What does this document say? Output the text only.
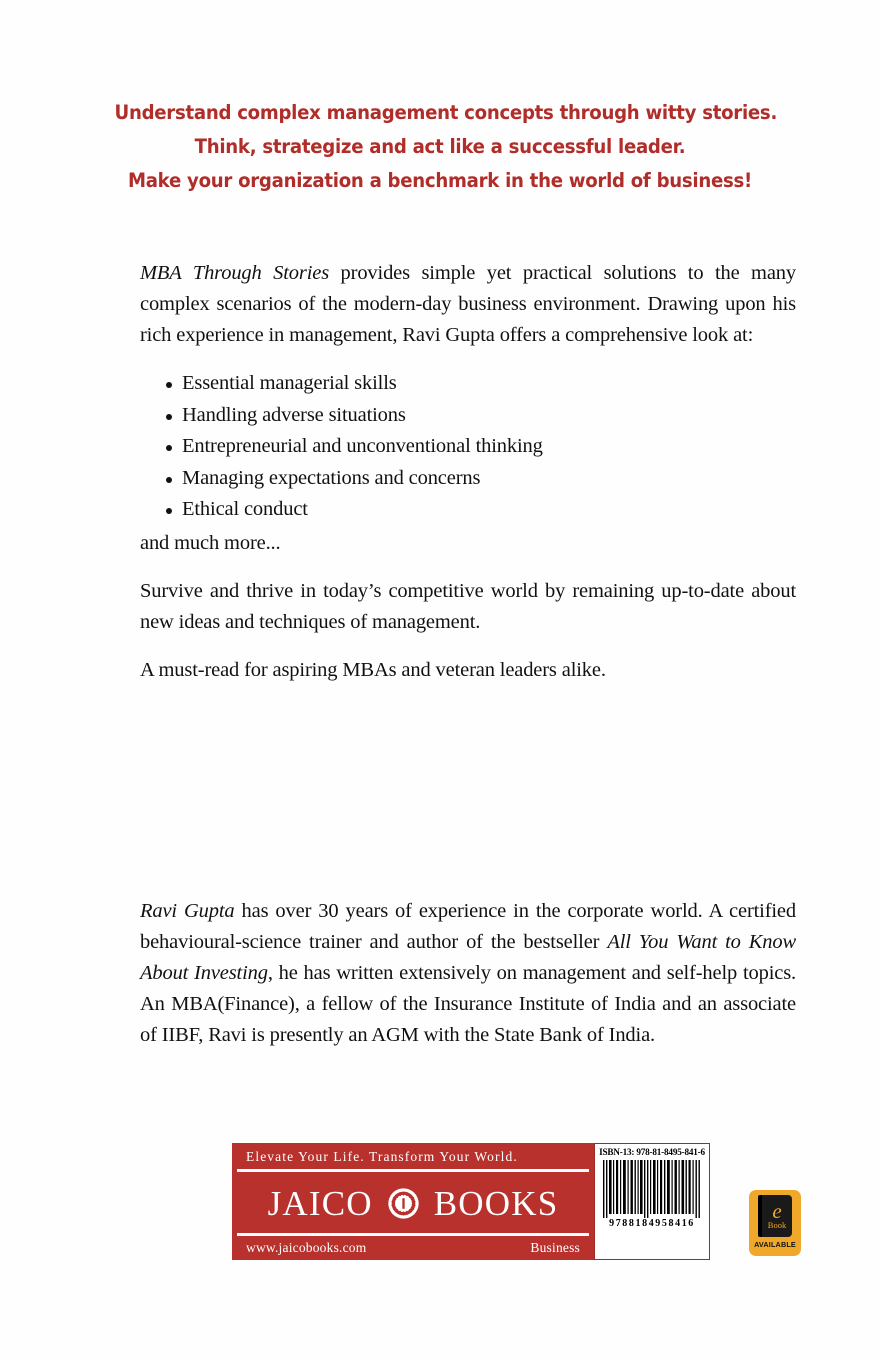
Understand complex management concepts through witty stories.
Think, strategize and act like a successful leader.
Make your organization a benchmark in the world of business!

MBA Through Stories provides simple yet practical solutions to the many complex scenarios of the modern-day business environment. Drawing upon his rich experience in management, Ravi Gupta offers a comprehensive look at:

Essential managerial skills
Handling adverse situations
Entrepreneurial and unconventional thinking
Managing expectations and concerns
Ethical conduct

and much more...

Survive and thrive in today’s competitive world by remaining up-to-date about new ideas and techniques of management.

A must-read for aspiring MBAs and veteran leaders alike.

Ravi Gupta has over 30 years of experience in the corporate world. A certified behavioural-science trainer and author of the bestseller All You Want to Know About Investing, he has written extensively on management and self-help topics. An MBA(Finance), a fellow of the Insurance Institute of India and an associate of IIBF, Ravi is presently an AGM with the State Bank of India.

Elevate Your Life. Transform Your World.
JAICO BOOKS
www.jaicobooks.com	Business
ISBN-13: 978-81-8495-841-6
9788184958416
e
Book
AVAILABLE
